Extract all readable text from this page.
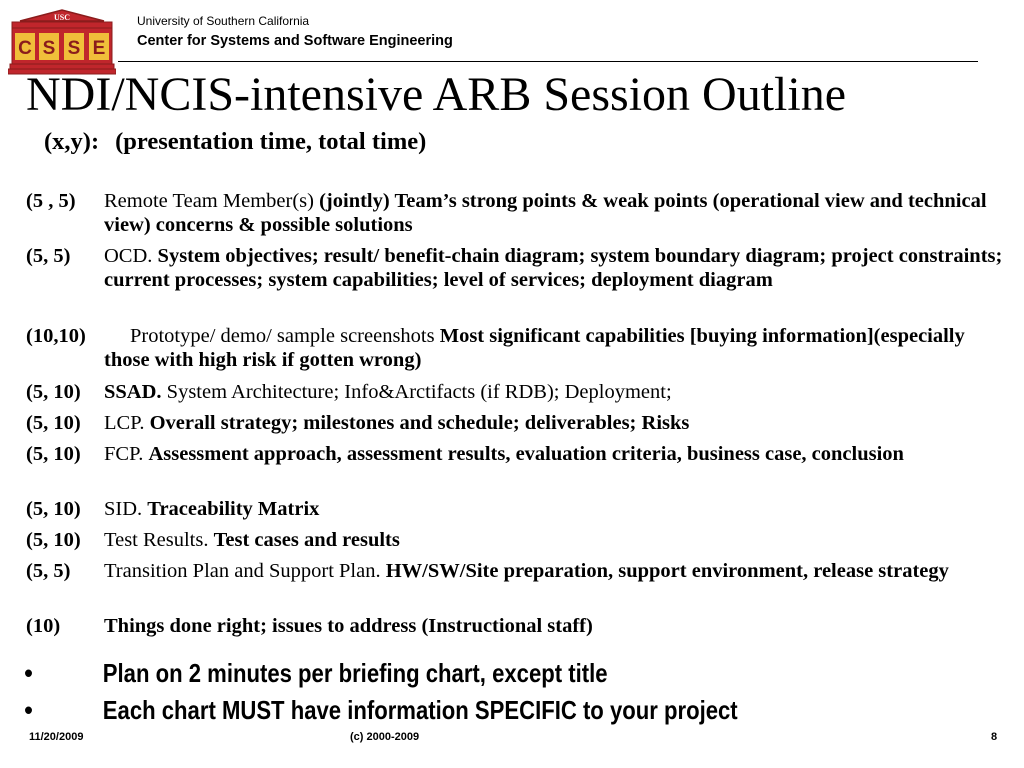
USC
C S S E
University of Southern California
Center for Systems and Software Engineering
NDI/NCIS-intensive ARB Session Outline
(x,y): (presentation time, total time)
(5 , 5) Remote Team Member(s) (jointly) Team’s strong points & weak points (operational view and technical view) concerns & possible solutions
(5, 5) OCD. System objectives; result/ benefit-chain diagram; system boundary diagram; project constraints; current processes; system capabilities; level of services; deployment diagram
(10,10)	Prototype/ demo/ sample screenshots Most significant capabilities [buying information](especially those with high risk if gotten wrong)
(5, 10) SSAD. System Architecture; Info&Arctifacts (if RDB); Deployment;
(5, 10) LCP. Overall strategy; milestones and schedule; deliverables; Risks
(5, 10) FCP. Assessment approach, assessment results, evaluation criteria, business case, conclusion
(5, 10) SID. Traceability Matrix
(5, 10) Test Results. Test cases and results
(5, 5) Transition Plan and Support Plan. HW/SW/Site preparation, support environment, release strategy
(10) Things done right; issues to address (Instructional staff)
•	Plan on 2 minutes per briefing chart, except title
•	Each chart MUST have information SPECIFIC to your project
11/20/2009	(c) 2000-2009	8
